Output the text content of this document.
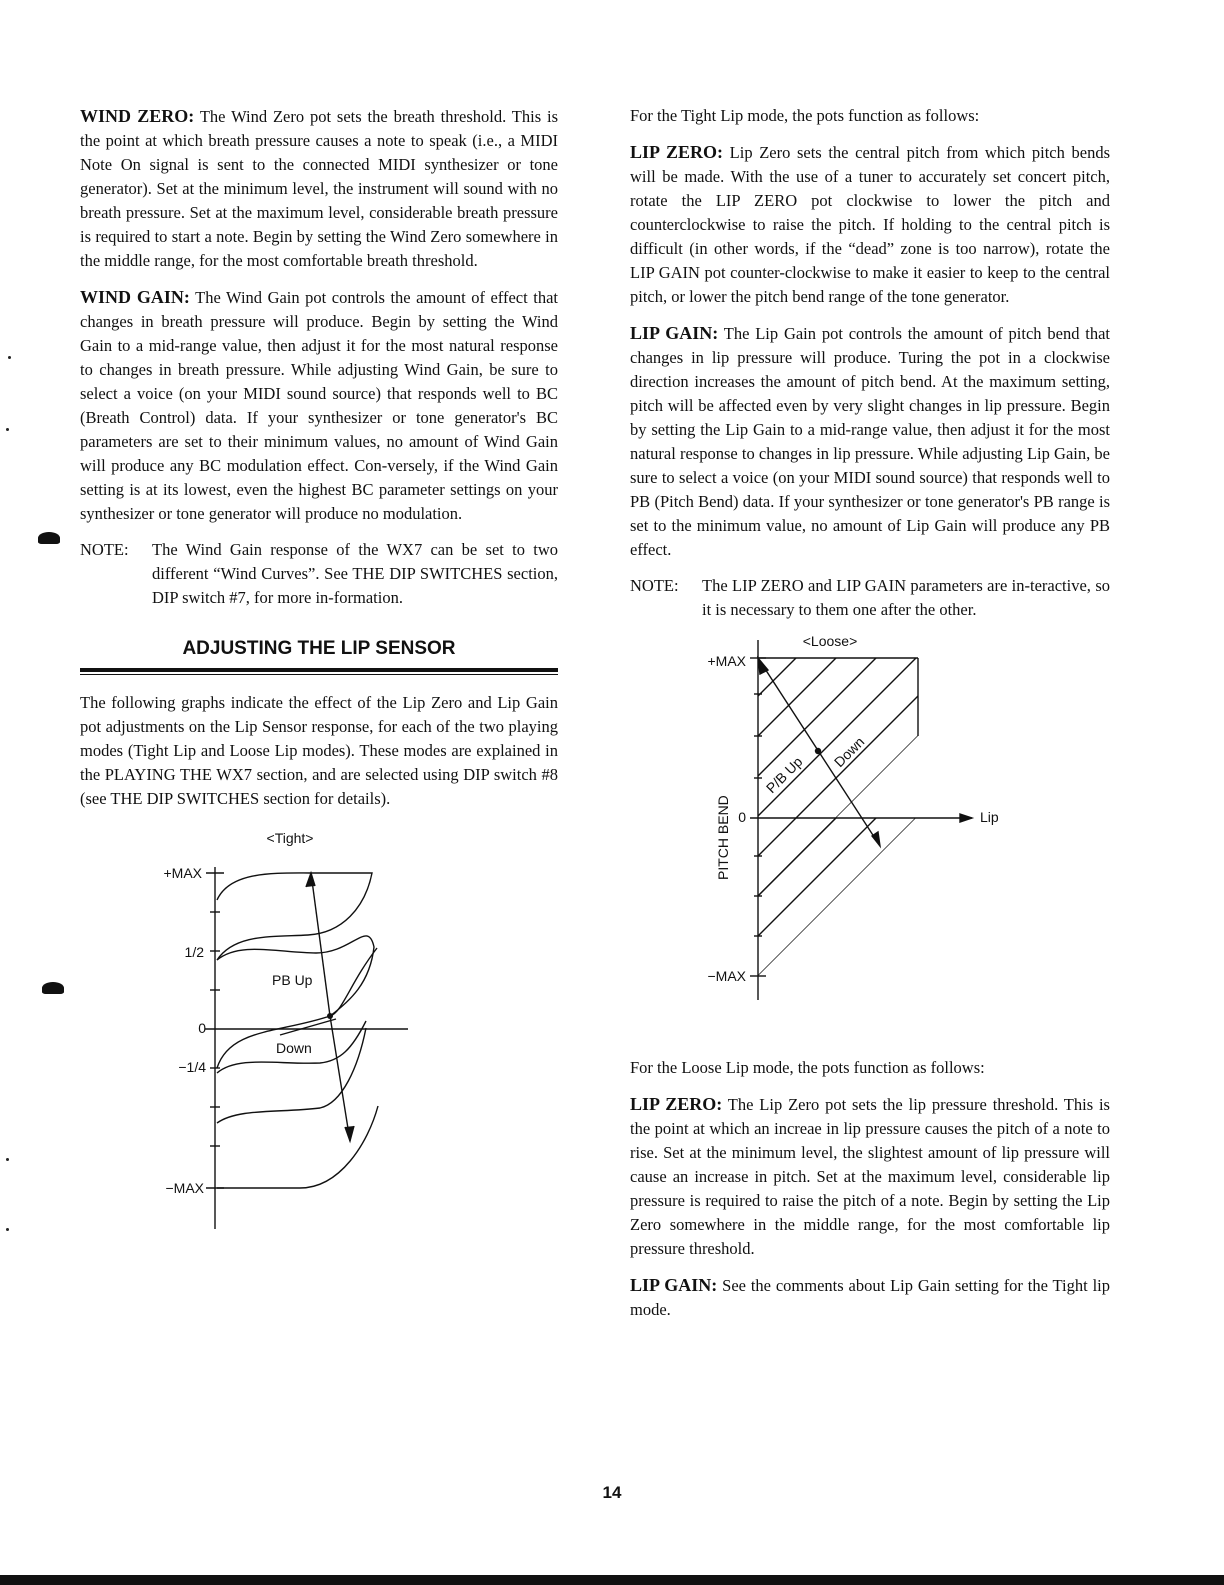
WIND ZERO: The Wind Zero pot sets the breath threshold. This is the point at which breath pressure causes a note to speak (i.e., a MIDI Note On signal is sent to the connected MIDI synthesizer or tone generator). Set at the minimum level, the instrument will sound with no breath pressure. Set at the maximum level, considerable breath pressure is required to start a note. Begin by setting the Wind Zero somewhere in the middle range, for the most comfortable breath threshold.

WIND GAIN: The Wind Gain pot controls the amount of effect that changes in breath pressure will produce. Begin by setting the Wind Gain to a mid-range value, then adjust it for the most natural response to changes in breath pressure. While adjusting Wind Gain, be sure to select a voice (on your MIDI sound source) that responds well to BC (Breath Control) data. If your synthesizer or tone generator's BC parameters are set to their minimum values, no amount of Wind Gain will produce any BC modulation effect. Con-versely, if the Wind Gain setting is at its lowest, even the highest BC parameter settings on your synthesizer or tone generator will produce no modulation.

NOTE:	The Wind Gain response of the WX7 can be set to two different “Wind Curves”. See THE DIP SWITCHES section, DIP switch #7, for more in-formation.
ADJUSTING THE LIP SENSOR

The following graphs indicate the effect of the Lip Zero and Lip Gain pot adjustments on the Lip Sensor response, for each of the two playing modes (Tight Lip and Loose Lip modes). These modes are explained in the PLAYING THE WX7 section, and are selected using DIP switch #8 (see THE DIP SWITCHES section for details).

<Tight>
+MAX
1/2
0
−1/4
−MAX
PB Up
Down

For the Tight Lip mode, the pots function as follows:

LIP ZERO: Lip Zero sets the central pitch from which pitch bends will be made. With the use of a tuner to accurately set concert pitch, rotate the LIP ZERO pot clockwise to lower the pitch and counterclockwise to raise the pitch. If holding to the central pitch is difficult (in other words, if the “dead” zone is too narrow), rotate the LIP GAIN pot counter-clockwise to make it easier to keep to the central pitch, or lower the pitch bend range of the tone generator.

LIP GAIN: The Lip Gain pot controls the amount of pitch bend that changes in lip pressure will produce. Turing the pot in a clockwise direction increases the amount of pitch bend. At the maximum setting, pitch will be affected even by very slight changes in lip pressure. Begin by setting the Lip Gain to a mid-range value, then adjust it for the most natural response to changes in lip pressure. While adjusting Lip Gain, be sure to select a voice (on your MIDI sound source) that responds well to PB (Pitch Bend) data. If your synthesizer or tone generator's PB range is set to the minimum value, no amount of Lip Gain will produce any PB effect.

NOTE:	The LIP ZERO and LIP GAIN parameters are in-teractive, so it is necessary to them one after the other.
<Loose>
+MAX
0
−MAX
Lip
PITCH BEND
P/B Up
Down

For the Loose Lip mode, the pots function as follows:

LIP ZERO: The Lip Zero pot sets the lip pressure threshold. This is the point at which an increae in lip pressure causes the pitch of a note to rise. Set at the minimum level, the slightest amount of lip pressure will cause an increase in pitch. Set at the maximum level, considerable lip pressure is required to raise the pitch of a note. Begin by setting the Lip Zero somewhere in the middle range, for the most comfortable lip pressure threshold.

LIP GAIN: See the comments about Lip Gain setting for the Tight lip mode.

14
